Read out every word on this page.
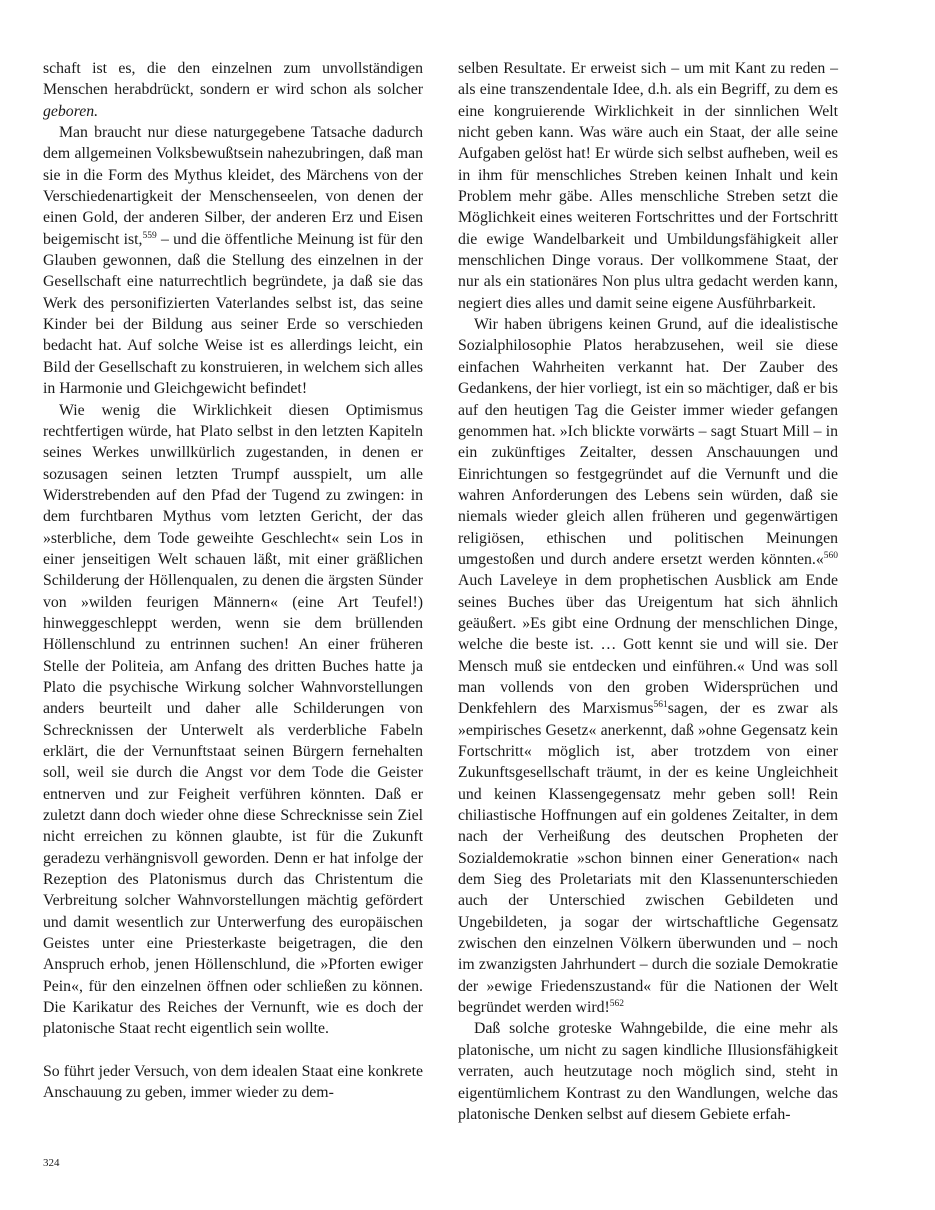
schaft ist es, die den einzelnen zum unvollständigen Menschen herabdrückt, sondern er wird schon als solcher geboren.

Man braucht nur diese naturgegebene Tatsache dadurch dem allgemeinen Volksbewußtsein nahezubringen, daß man sie in die Form des Mythus kleidet, des Märchens von der Verschiedenartigkeit der Menschenseelen, von denen der einen Gold, der anderen Silber, der anderen Erz und Eisen beigemischt ist,$^{559}$ – und die öffentliche Meinung ist für den Glauben gewonnen, daß die Stellung des einzelnen in der Gesellschaft eine naturrechtlich begründete, ja daß sie das Werk des personifizierten Vaterlandes selbst ist, das seine Kinder bei der Bildung aus seiner Erde so verschieden bedacht hat. Auf solche Weise ist es allerdings leicht, ein Bild der Gesellschaft zu konstruieren, in welchem sich alles in Harmonie und Gleichgewicht befindet!

Wie wenig die Wirklichkeit diesen Optimismus rechtfertigen würde, hat Plato selbst in den letzten Kapiteln seines Werkes unwillkürlich zugestanden, in denen er sozusagen seinen letzten Trumpf ausspielt, um alle Widerstrebenden auf den Pfad der Tugend zu zwingen: in dem furchtbaren Mythus vom letzten Gericht, der das »sterbliche, dem Tode geweihte Geschlecht« sein Los in einer jenseitigen Welt schauen läßt, mit einer gräßlichen Schilderung der Höllenqualen, zu denen die ärgsten Sünder von »wilden feurigen Männern« (eine Art Teufel!) hinweggeschleppt werden, wenn sie dem brüllenden Höllenschlund zu entrinnen suchen! An einer früheren Stelle der Politeia, am Anfang des dritten Buches hatte ja Plato die psychische Wirkung solcher Wahnvorstellungen anders beurteilt und daher alle Schilderungen von Schrecknissen der Unterwelt als verderbliche Fabeln erklärt, die der Vernunftstaat seinen Bürgern fernehalten soll, weil sie durch die Angst vor dem Tode die Geister entnerven und zur Feigheit verführen könnten. Daß er zuletzt dann doch wieder ohne diese Schrecknisse sein Ziel nicht erreichen zu können glaubte, ist für die Zukunft geradezu verhängnisvoll geworden. Denn er hat infolge der Rezeption des Platonismus durch das Christentum die Verbreitung solcher Wahnvorstellungen mächtig gefördert und damit wesentlich zur Unterwerfung des europäischen Geistes unter eine Priesterkaste beigetragen, die den Anspruch erhob, jenen Höllenschlund, die »Pforten ewiger Pein«, für den einzelnen öffnen oder schließen zu können. Die Karikatur des Reiches der Vernunft, wie es doch der platonische Staat recht eigentlich sein wollte.

So führt jeder Versuch, von dem idealen Staat eine konkrete Anschauung zu geben, immer wieder zu dem-

selben Resultate. Er erweist sich – um mit Kant zu reden – als eine transzendentale Idee, d.h. als ein Begriff, zu dem es eine kongruierende Wirklichkeit in der sinnlichen Welt nicht geben kann. Was wäre auch ein Staat, der alle seine Aufgaben gelöst hat! Er würde sich selbst aufheben, weil es in ihm für menschliches Streben keinen Inhalt und kein Problem mehr gäbe. Alles menschliche Streben setzt die Möglichkeit eines weiteren Fortschrittes und der Fortschritt die ewige Wandelbarkeit und Umbildungsfähigkeit aller menschlichen Dinge voraus. Der vollkommene Staat, der nur als ein stationäres Non plus ultra gedacht werden kann, negiert dies alles und damit seine eigene Ausführbarkeit.

Wir haben übrigens keinen Grund, auf die idealistische Sozialphilosophie Platos herabzusehen, weil sie diese einfachen Wahrheiten verkannt hat. Der Zauber des Gedankens, der hier vorliegt, ist ein so mächtiger, daß er bis auf den heutigen Tag die Geister immer wieder gefangen genommen hat. »Ich blickte vorwärts – sagt Stuart Mill – in ein zukünftiges Zeitalter, dessen Anschauungen und Einrichtungen so festgegründet auf die Vernunft und die wahren Anforderungen des Lebens sein würden, daß sie niemals wieder gleich allen früheren und gegenwärtigen religiösen, ethischen und politischen Meinungen umgestoßen und durch andere ersetzt werden könnten.«$^{560}$ Auch Laveleye in dem prophetischen Ausblick am Ende seines Buches über das Ureigentum hat sich ähnlich geäußert. »Es gibt eine Ordnung der menschlichen Dinge, welche die beste ist. … Gott kennt sie und will sie. Der Mensch muß sie entdecken und einführen.« Und was soll man vollends von den groben Widersprüchen und Denkfehlern des Marxismus$^{561}$sagen, der es zwar als »empirisches Gesetz« anerkennt, daß »ohne Gegensatz kein Fortschritt« möglich ist, aber trotzdem von einer Zukunftsgesellschaft träumt, in der es keine Ungleichheit und keinen Klassengegensatz mehr geben soll! Rein chiliastische Hoffnungen auf ein goldenes Zeitalter, in dem nach der Verheißung des deutschen Propheten der Sozialdemokratie »schon binnen einer Generation« nach dem Sieg des Proletariats mit den Klassenunterschieden auch der Unterschied zwischen Gebildeten und Ungebildeten, ja sogar der wirtschaftliche Gegensatz zwischen den einzelnen Völkern überwunden und – noch im zwanzigsten Jahrhundert – durch die soziale Demokratie der »ewige Friedenszustand« für die Nationen der Welt begründet werden wird!$^{562}$

Daß solche groteske Wahngebilde, die eine mehr als platonische, um nicht zu sagen kindliche Illusionsfähigkeit verraten, auch heutzutage noch möglich sind, steht in eigentümlichem Kontrast zu den Wandlungen, welche das platonische Denken selbst auf diesem Gebiete erfah-

324
